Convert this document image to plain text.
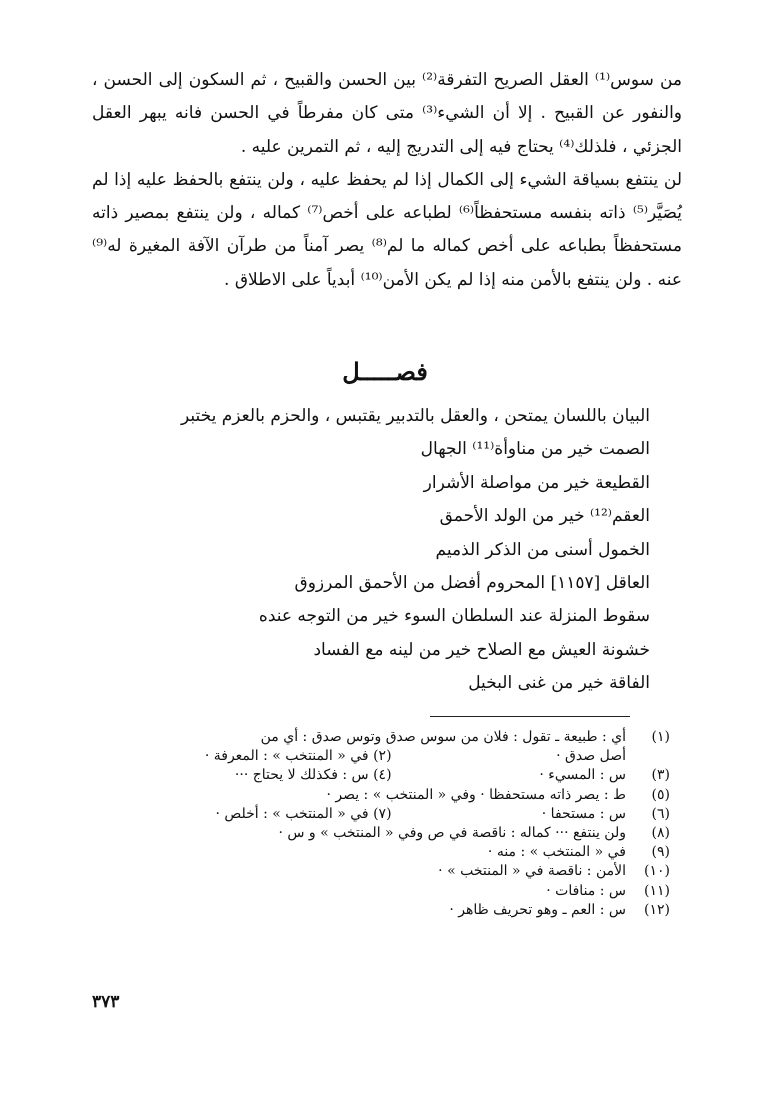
من سوس⁽¹⁾ العقل الصريح التفرقة⁽²⁾ بين الحسن والقبيح ، ثم السكون إلى الحسن ، والنفور عن القبيح . إلا أن الشيء⁽³⁾ متى كان مفرطاً في الحسن فانه يبهر العقل الجزئي ، فلذلك⁽⁴⁾ يحتاج فيه إلى التدريج إليه ، ثم التمرين عليه .

لن ينتفع بسياقة الشيء إلى الكمال إذا لم يحفظ عليه ، ولن ينتفع بالحفظ عليه إذا لم يُصَيَّر⁽⁵⁾ ذاته بنفسه مستحفظاً⁽⁶⁾ لطباعه على أخص⁽⁷⁾ كماله ، ولن ينتفع بمصير ذاته مستحفظاً بطباعه على أخص كماله ما لم⁽⁸⁾ يصر آمناً من طرآن الآفة المغيرة له⁽⁹⁾ عنه . ولن ينتفع بالأمن منه إذا لم يكن الأمن⁽¹⁰⁾ أبدياً على الاطلاق .

فصـــــل
البيان باللسان يمتحن ، والعقل بالتدبير يقتبس ، والحزم بالعزم يختبر
الصمت خير من مناوأة⁽¹¹⁾ الجهال
القطيعة خير من مواصلة الأشرار
العقم⁽¹²⁾ خير من الولد الأحمق
الخمول أسنى من الذكر الذميم
العاقل [١١٥٧] المحروم أفضل من الأحمق المرزوق
سقوط المنزلة عند السلطان السوء خير من التوجه عنده
خشونة العيش مع الصلاح خير من لينه مع الفساد
الفاقة خير من غنى البخيل
(١)
أي : طبيعة ـ تقول : فلان من سوس صدق وتوس صدق : أي من
أصل صدق · (٢) في « المنتخب » : المعرفة ·
(٣)
س : المسيء · (٤) س : فكذلك لا يحتاج ···
(٥)
ط : يصر ذاته مستحفظا · وفي « المنتخب » : يصر ·
(٦)
س : مستحفا · (٧) في « المنتخب » : أخلص ·
(٨)
ولن ينتفع ··· كماله : ناقصة في ص وفي « المنتخب » و س ·
(٩)
في « المنتخب » : منه ·
(١٠)
الأمن : ناقصة في « المنتخب » ·
(١١)
س : منافات ·
(١٢)
س : العم ـ وهو تحريف ظاهر ·
٣٧٣
